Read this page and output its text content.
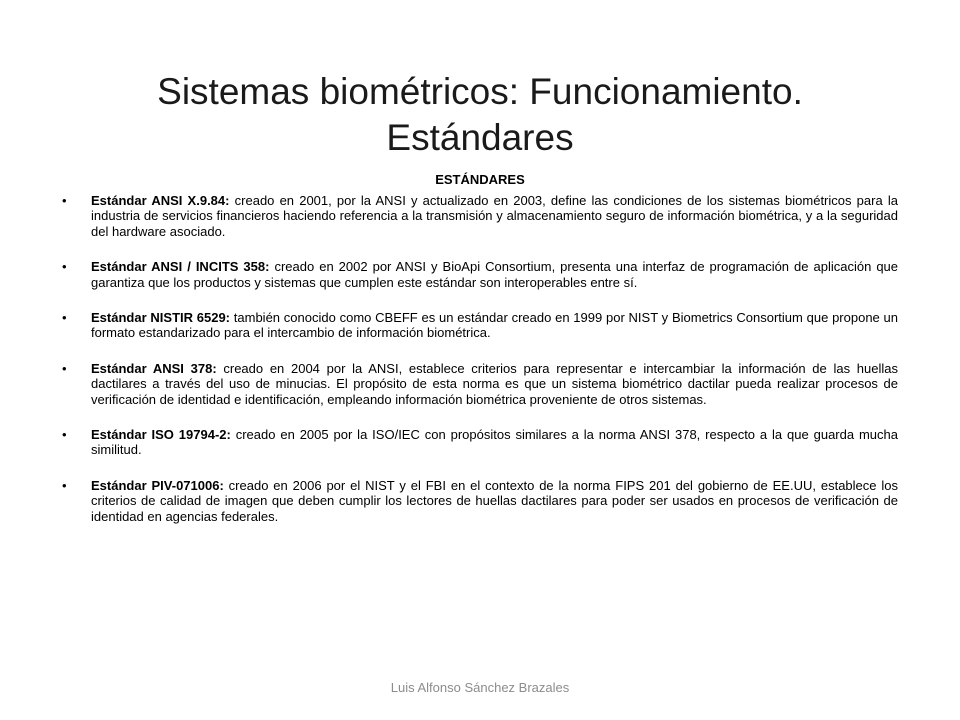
Sistemas biométricos: Funcionamiento.
Estándares
ESTÁNDARES
• Estándar ANSI X.9.84: creado en 2001, por la ANSI y actualizado en 2003, define las condiciones de los sistemas biométricos para la industria de servicios financieros haciendo referencia a la transmisión y almacenamiento seguro de información biométrica, y a la seguridad del hardware asociado.
• Estándar ANSI / INCITS 358: creado en 2002 por ANSI y BioApi Consortium, presenta una interfaz de programación de aplicación que garantiza que los productos y sistemas que cumplen este estándar son interoperables entre sí.
• Estándar NISTIR 6529: también conocido como CBEFF es un estándar creado en 1999 por NIST y Biometrics Consortium que propone un formato estandarizado para el intercambio de información biométrica.
• Estándar ANSI 378: creado en 2004 por la ANSI, establece criterios para representar e intercambiar la información de las huellas dactilares a través del uso de minucias. El propósito de esta norma es que un sistema biométrico dactilar pueda realizar procesos de verificación de identidad e identificación, empleando información biométrica proveniente de otros sistemas.
• Estándar ISO 19794-2: creado en 2005 por la ISO/IEC con propósitos similares a la norma ANSI 378, respecto a la que guarda mucha similitud.
• Estándar PIV-071006: creado en 2006 por el NIST y el FBI en el contexto de la norma FIPS 201 del gobierno de EE.UU, establece los criterios de calidad de imagen que deben cumplir los lectores de huellas dactilares para poder ser usados en procesos de verificación de identidad en agencias federales.
Luis Alfonso Sánchez Brazales
